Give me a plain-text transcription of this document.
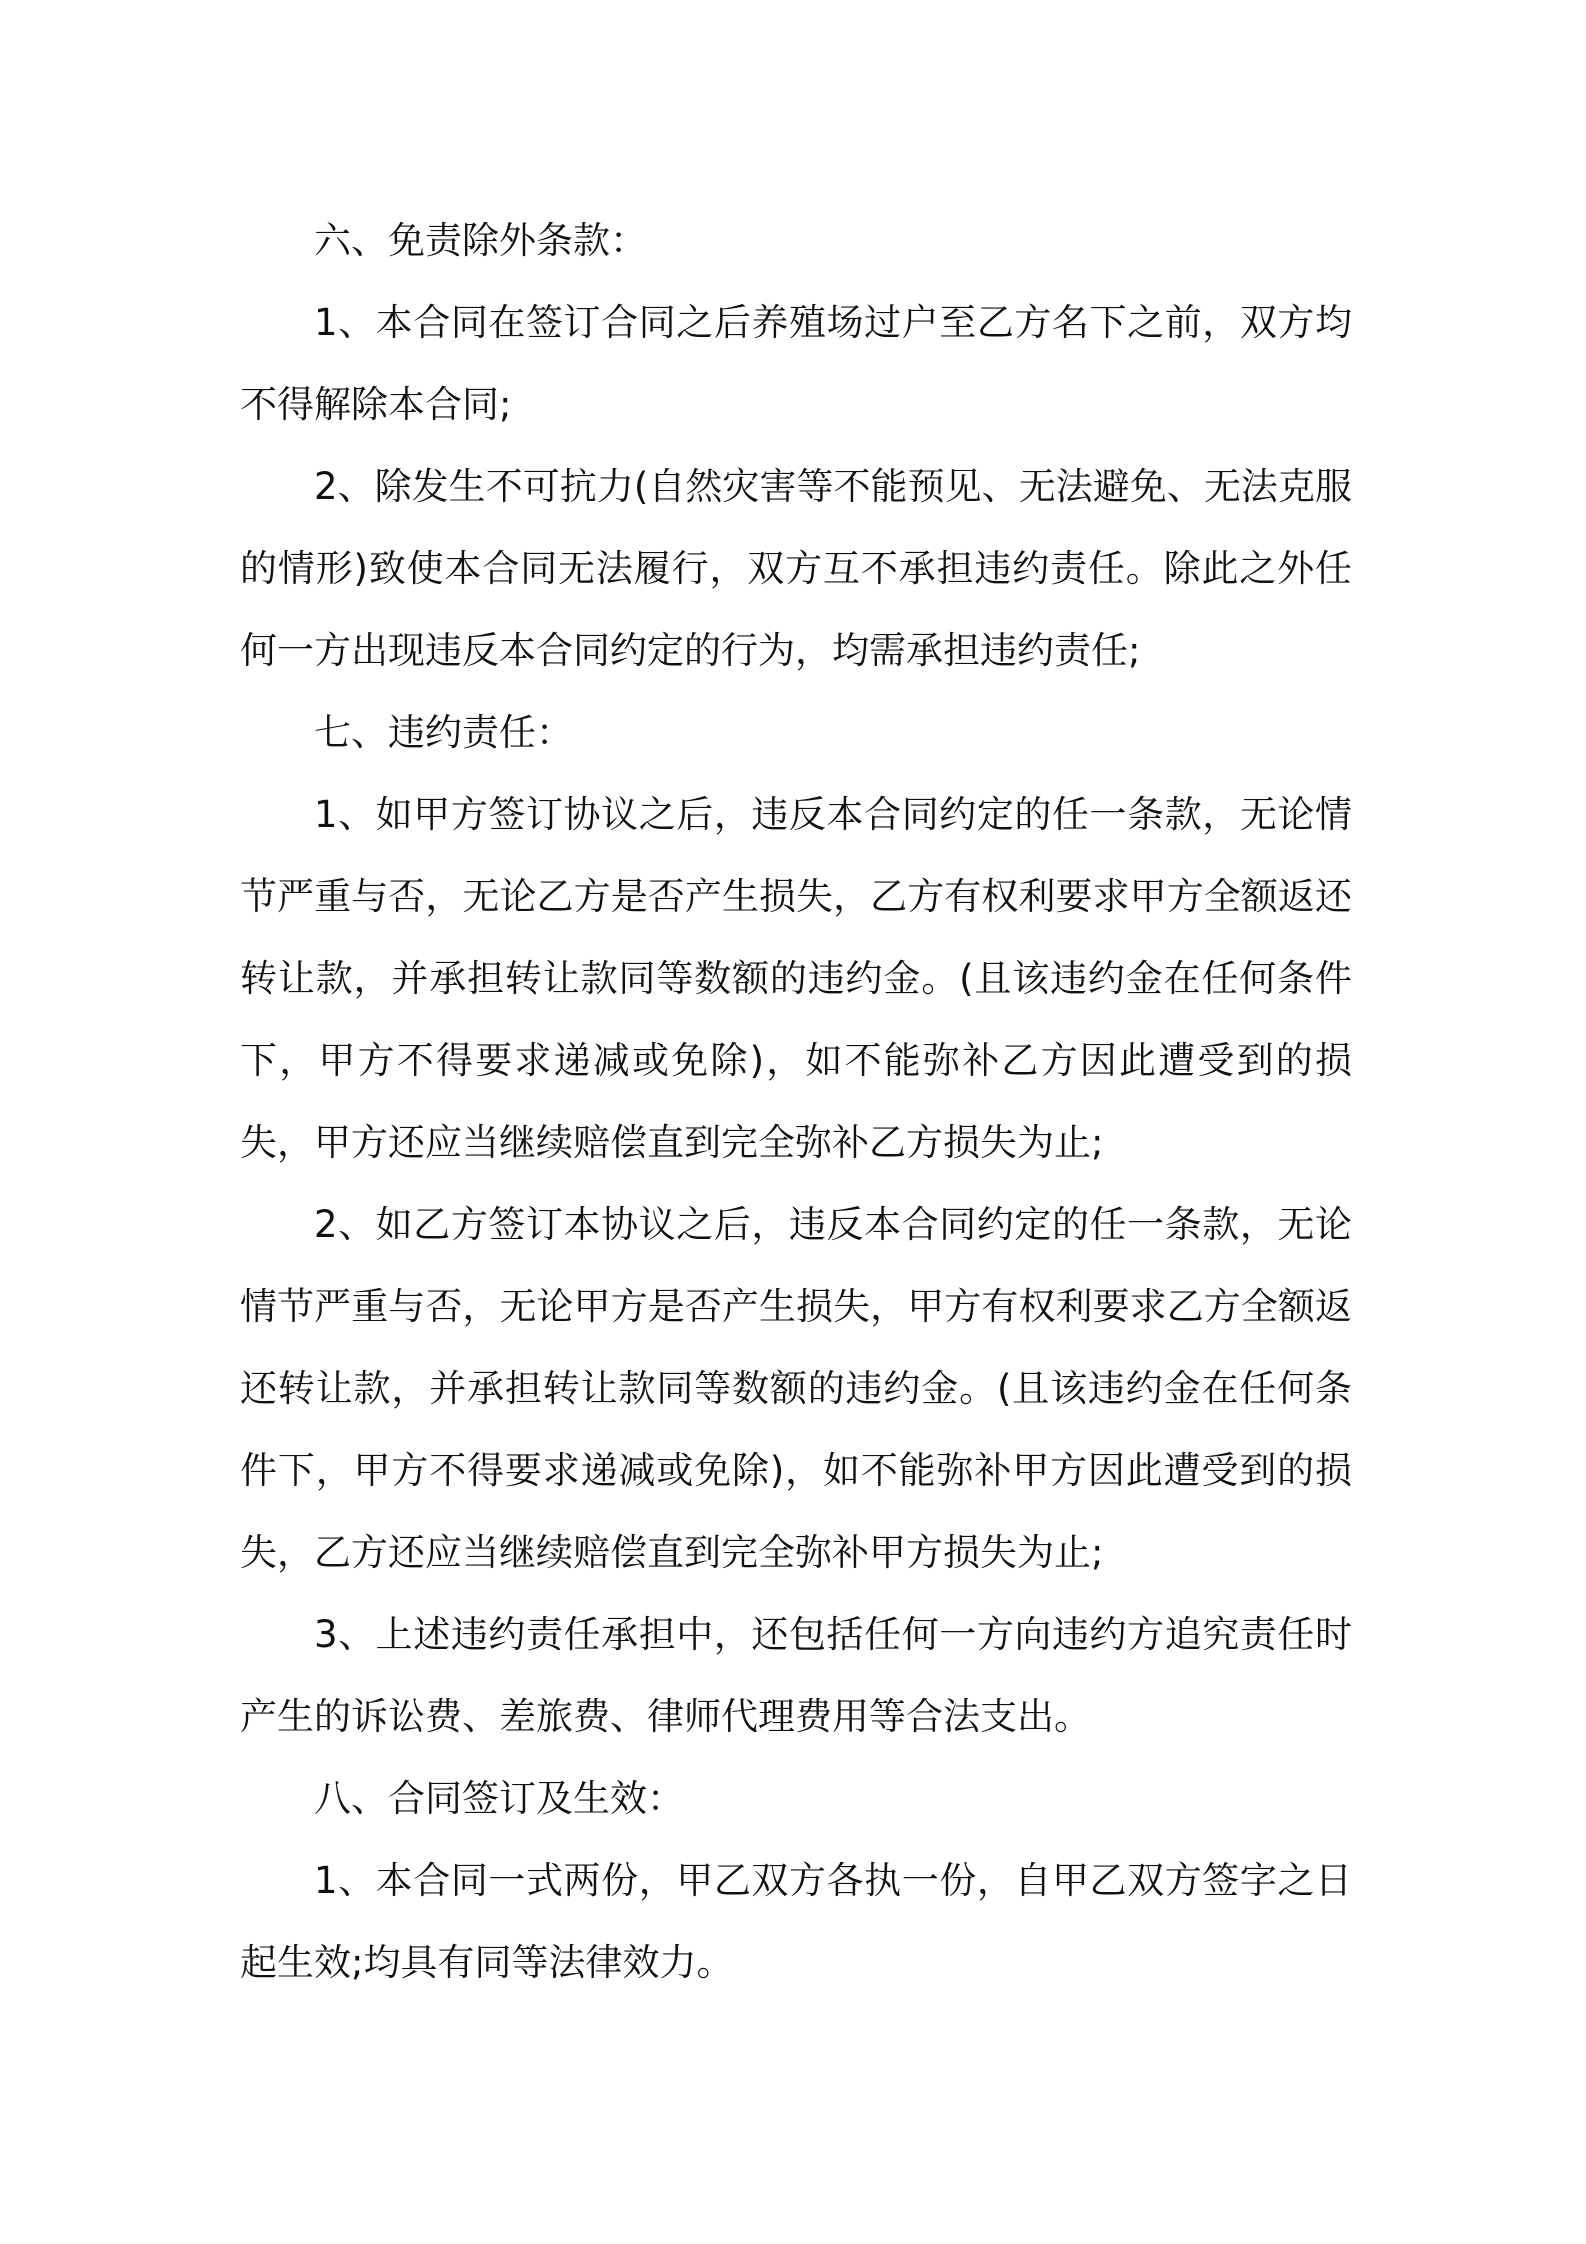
六、免责除外条款：

1、本合同在签订合同之后养殖场过户至乙方名下之前，双方均不得解除本合同;

2、除发生不可抗力(自然灾害等不能预见、无法避免、无法克服的情形)致使本合同无法履行，双方互不承担违约责任。除此之外任何一方出现违反本合同约定的行为，均需承担违约责任;

七、违约责任：

1、如甲方签订协议之后，违反本合同约定的任一条款，无论情节严重与否，无论乙方是否产生损失，乙方有权利要求甲方全额返还转让款，并承担转让款同等数额的违约金。(且该违约金在任何条件下，甲方不得要求递减或免除)，如不能弥补乙方因此遭受到的损失，甲方还应当继续赔偿直到完全弥补乙方损失为止;

2、如乙方签订本协议之后，违反本合同约定的任一条款，无论情节严重与否，无论甲方是否产生损失，甲方有权利要求乙方全额返还转让款，并承担转让款同等数额的违约金。(且该违约金在任何条件下，甲方不得要求递减或免除)，如不能弥补甲方因此遭受到的损失，乙方还应当继续赔偿直到完全弥补甲方损失为止;

3、上述违约责任承担中，还包括任何一方向违约方追究责任时产生的诉讼费、差旅费、律师代理费用等合法支出。

八、合同签订及生效：

1、本合同一式两份，甲乙双方各执一份，自甲乙双方签字之日起生效;均具有同等法律效力。
